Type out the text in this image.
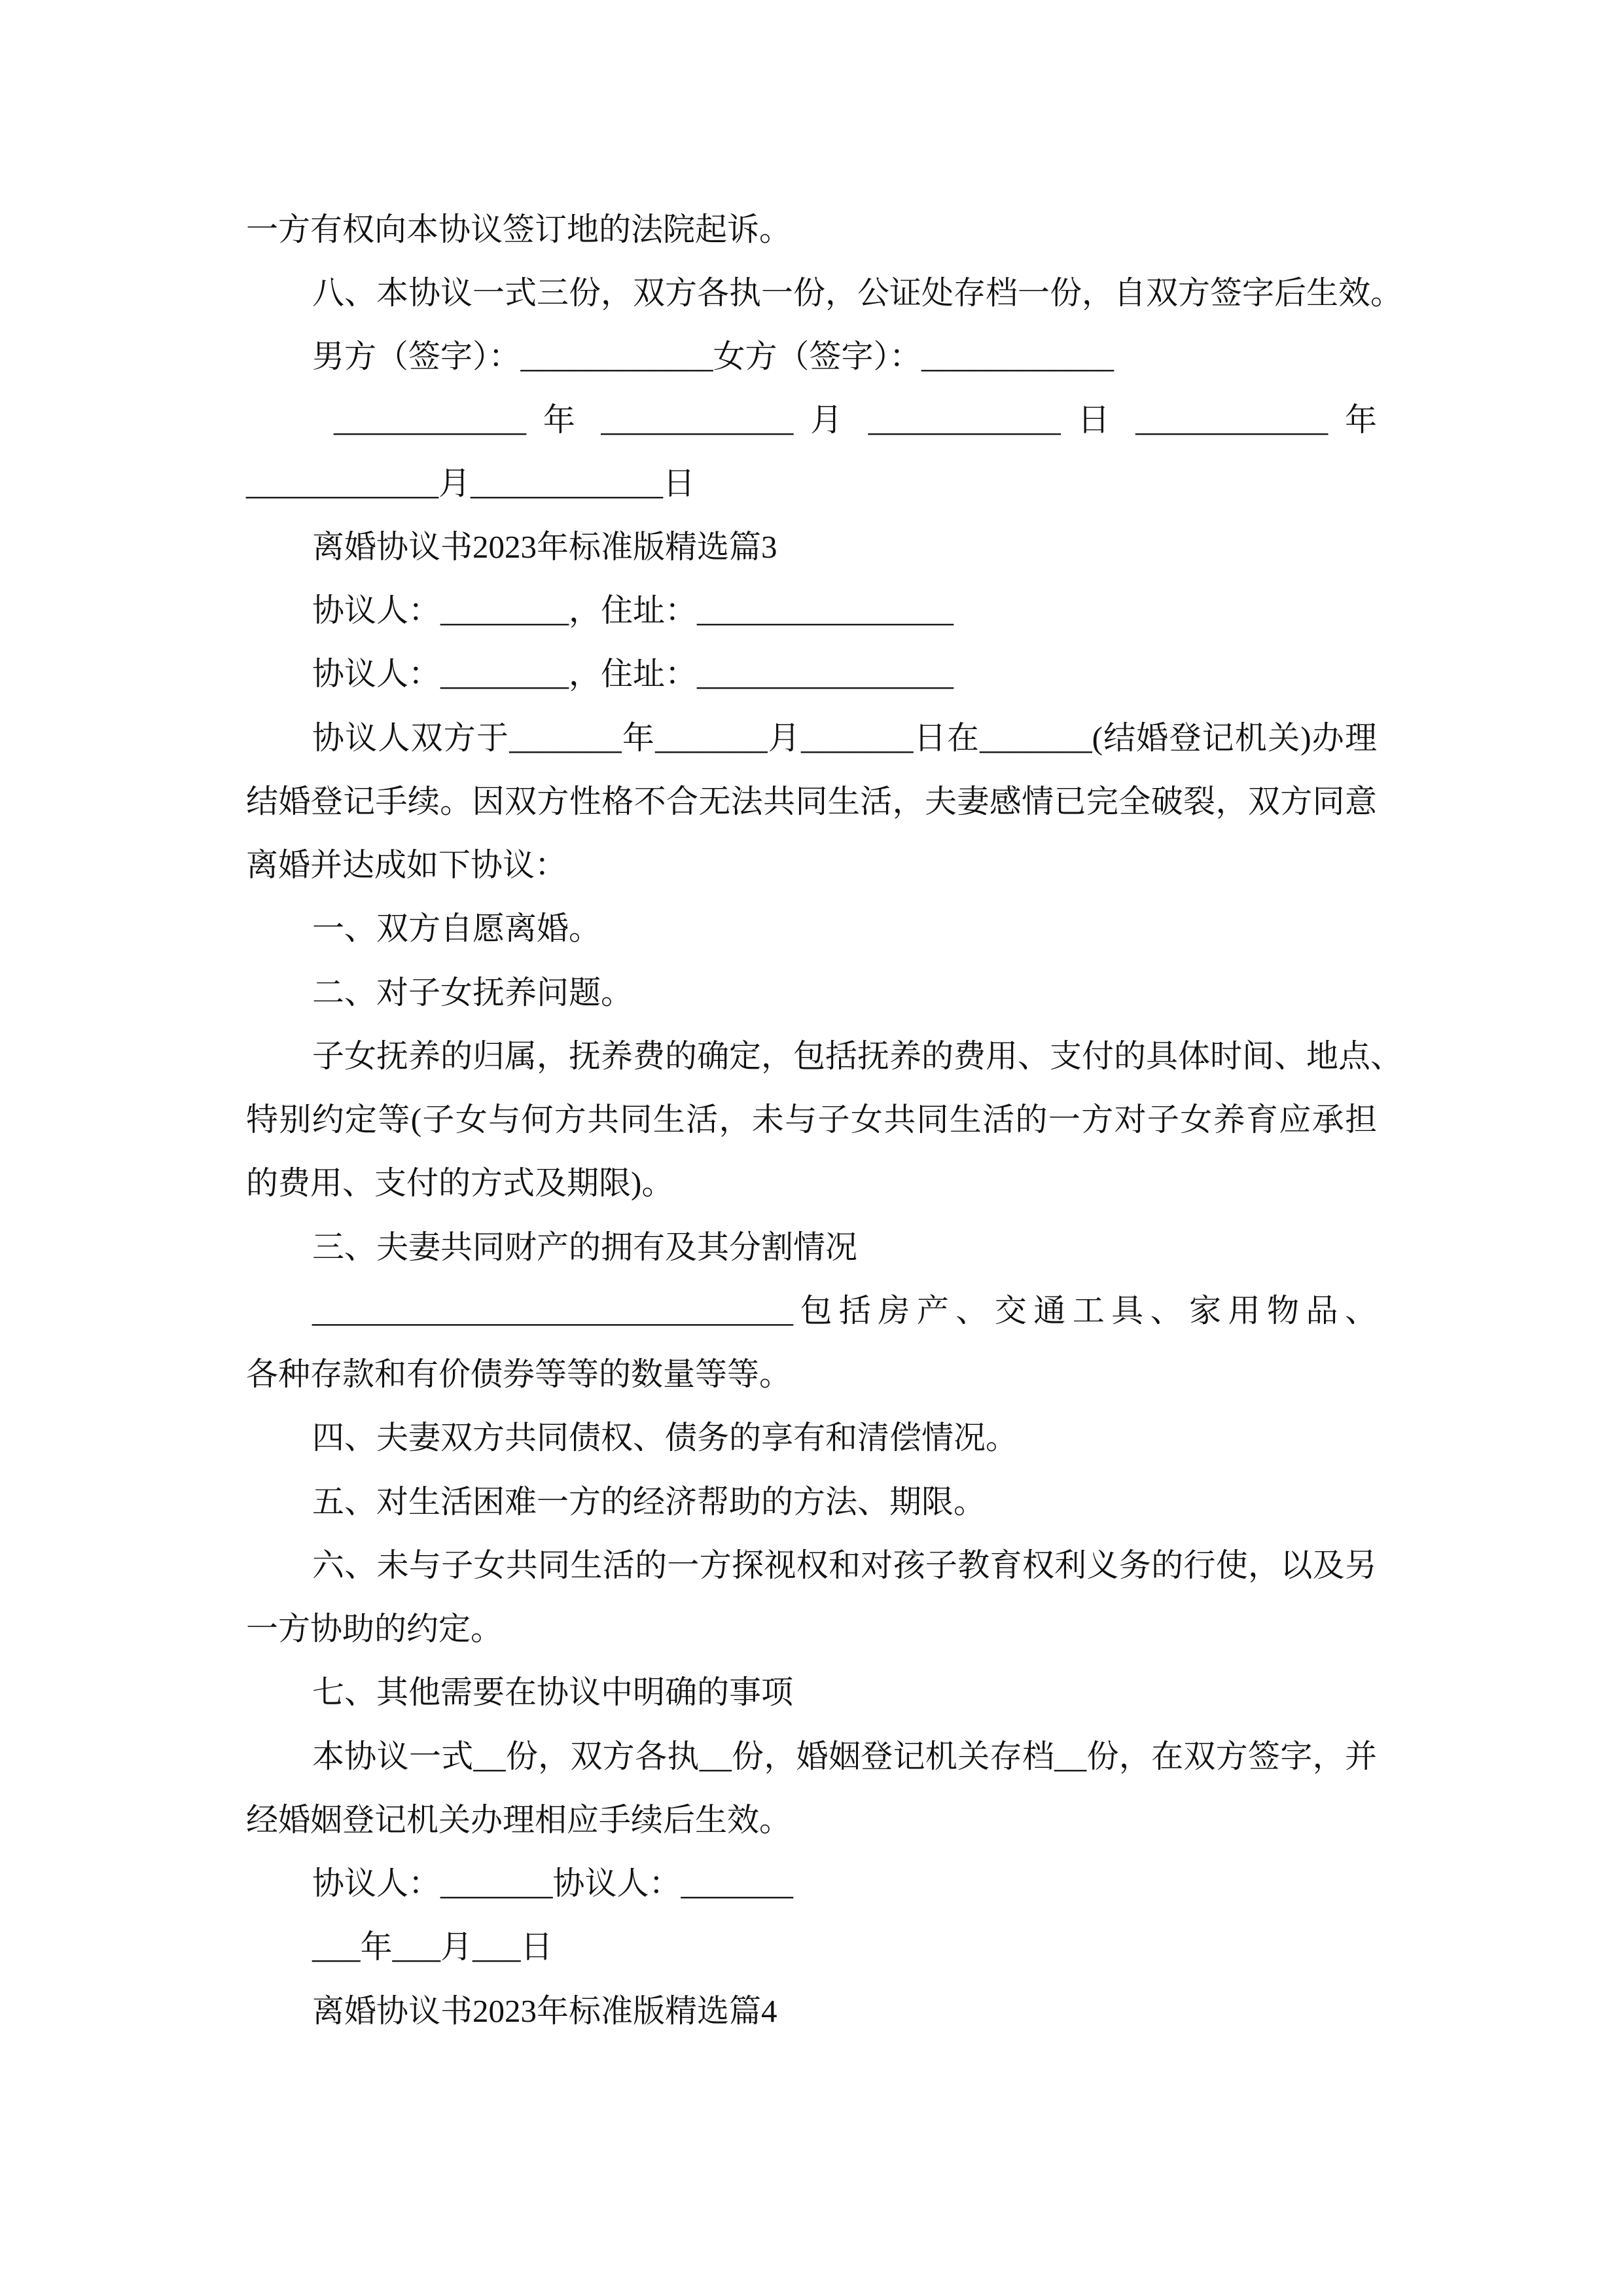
一方有权向本协议签订地的法院起诉。
八、本协议一式三份，双方各执一份，公证处存档一份，自双方签字后生效。
男方（签字）：____________女方（签字）：____________
____________ 年 ____________ 月 ____________ 日 ____________ 年
____________月____________日
离婚协议书2023年标准版精选篇3
协议人：________，住址：________________
协议人：________，住址：________________
协议人双方于_______年_______月_______日在_______(结婚登记机关)办理
结婚登记手续。因双方性格不合无法共同生活，夫妻感情已完全破裂，双方同意
离婚并达成如下协议：
一、双方自愿离婚。
二、对子女抚养问题。
子女抚养的归属，抚养费的确定，包括抚养的费用、支付的具体时间、地点、
特别约定等(子女与何方共同生活，未与子女共同生活的一方对子女养育应承担
的费用、支付的方式及期限)。
三、夫妻共同财产的拥有及其分割情况
______________________________包括房产、交通工具、家用物品、
各种存款和有价债券等等的数量等等。
四、夫妻双方共同债权、债务的享有和清偿情况。
五、对生活困难一方的经济帮助的方法、期限。
六、未与子女共同生活的一方探视权和对孩子教育权利义务的行使，以及另
一方协助的约定。
七、其他需要在协议中明确的事项
本协议一式__份，双方各执__份，婚姻登记机关存档__份，在双方签字，并
经婚姻登记机关办理相应手续后生效。
协议人：_______协议人：_______
___年___月___日
离婚协议书2023年标准版精选篇4
